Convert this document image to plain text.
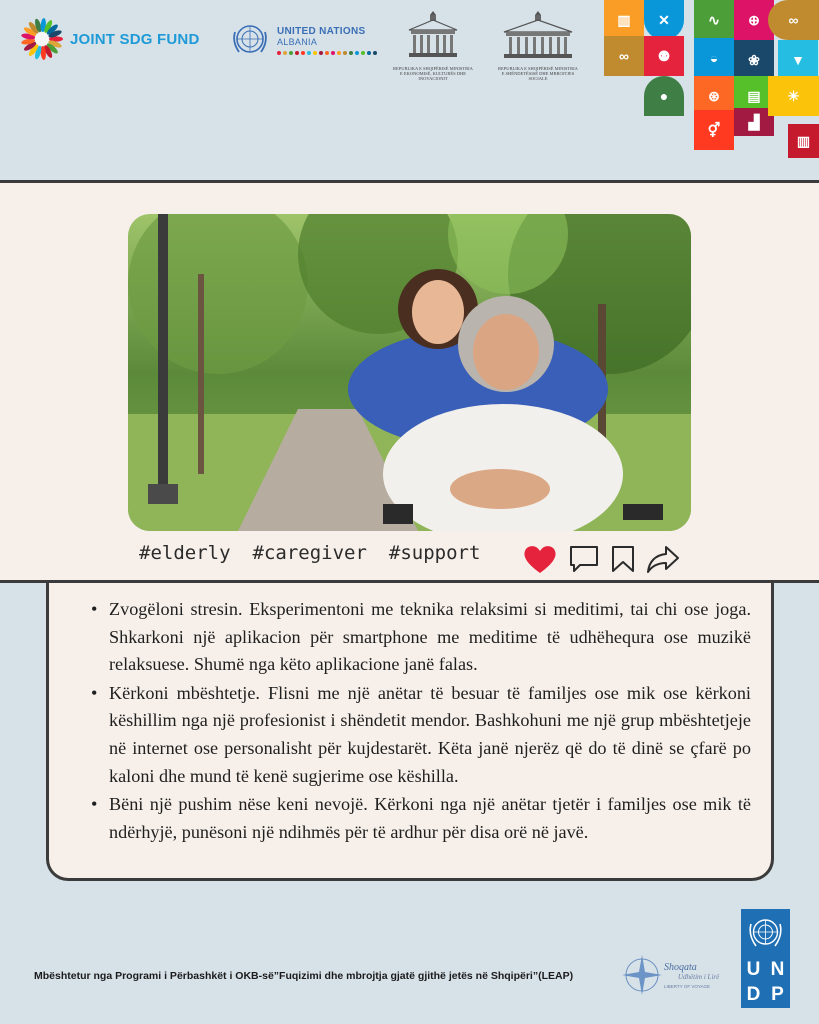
JOINT SDG FUND	UNITED NATIONS
ALBANIA
REPUBLIKA E SHQIPËRISË MINISTRIA E EKONOMISË, KULTURËS DHE INOVACIONIT
REPUBLIKA E SHQIPËRISË MINISTRIA E SHËNDETËSISË DHE MBROJTJES SOCIALE
▥
∞
✕
⚉
●
∿
◒
⊛
⚥
⊕
❀
▤
▟
∞
▼
☀
▥
#elderly #caregiver #support
• Zvogëloni stresin. Eksperimentoni me teknika relaksimi si meditimi, tai chi ose joga. Shkarkoni një aplikacion për smartphone me meditime të udhëhequra ose muzikë relaksuese. Shumë nga këto aplikacione janë falas.
• Kërkoni mbështetje. Flisni me një anëtar të besuar të familjes ose mik ose kërkoni këshillim nga një profesionist i shëndetit mendor. Bashkohuni me një grup mbështetjeje në internet ose personalisht për kujdestarët. Këta janë njerëz që do të dinë se çfarë po kaloni dhe mund të kenë sugjerime ose këshilla.
• Bëni një pushim nëse keni nevojë. Kërkoni nga një anëtar tjetër i familjes ose mik të ndërhyjë, punësoni një ndihmës për të ardhur për disa orë në javë.
Mbështetur nga Programi i Përbashkët i OKB-së”Fuqizimi dhe mbrojtja gjatë gjithë jetës në Shqipëri”(LEAP)
Shoqata
Udhëtim i Lirë
LIBERTY OF VOYAGE
U N
D P
